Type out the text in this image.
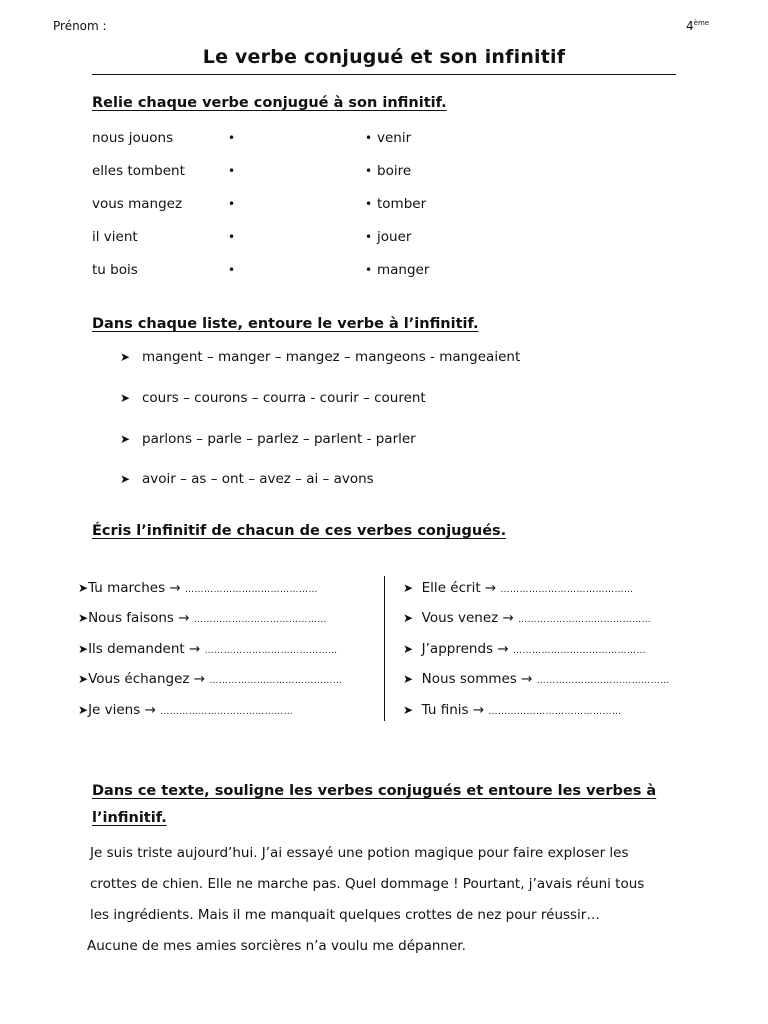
Prénom :	4ème
Le verbe conjugué et son infinitif
Relie chaque verbe conjugué à son infinitif.
nous jouons
elles tombent
vous mangez
il vient
tu bois
•
•
•
•
•
•
•
•
•
•
venir
boire
tomber
jouer
manger
Dans chaque liste, entoure le verbe à l’infinitif.
➤ mangent – manger – mangez – mangeons - mangeaient
➤ cours – courons – courra - courir – courent
➤ parlons – parle – parlez – parlent - parler
➤ avoir – as – ont – avez – ai – avons
Écris l’infinitif de chacun de ces verbes conjugués.
➤Tu marches → ……………………………………
➤Nous faisons → ……………………………………
➤Ils demandent → ……………………………………
➤Vous échangez → ……………………………………
➤Je viens → ……………………………………
➤ Elle écrit → ……………………………………
➤ Vous venez → ……………………………………
➤ J’apprends → ……………………………………
➤ Nous sommes → ……………………………………
➤ Tu finis → ……………………………………
Dans ce texte, souligne les verbes conjugués et entoure les verbes à l’infinitif.
Je suis triste aujourd’hui. J’ai essayé une potion magique pour faire exploser les
crottes de chien. Elle ne marche pas. Quel dommage ! Pourtant, j’avais réuni tous
les ingrédients. Mais il me manquait quelques crottes de nez pour réussir…
Aucune de mes amies sorcières n’a voulu me dépanner.
